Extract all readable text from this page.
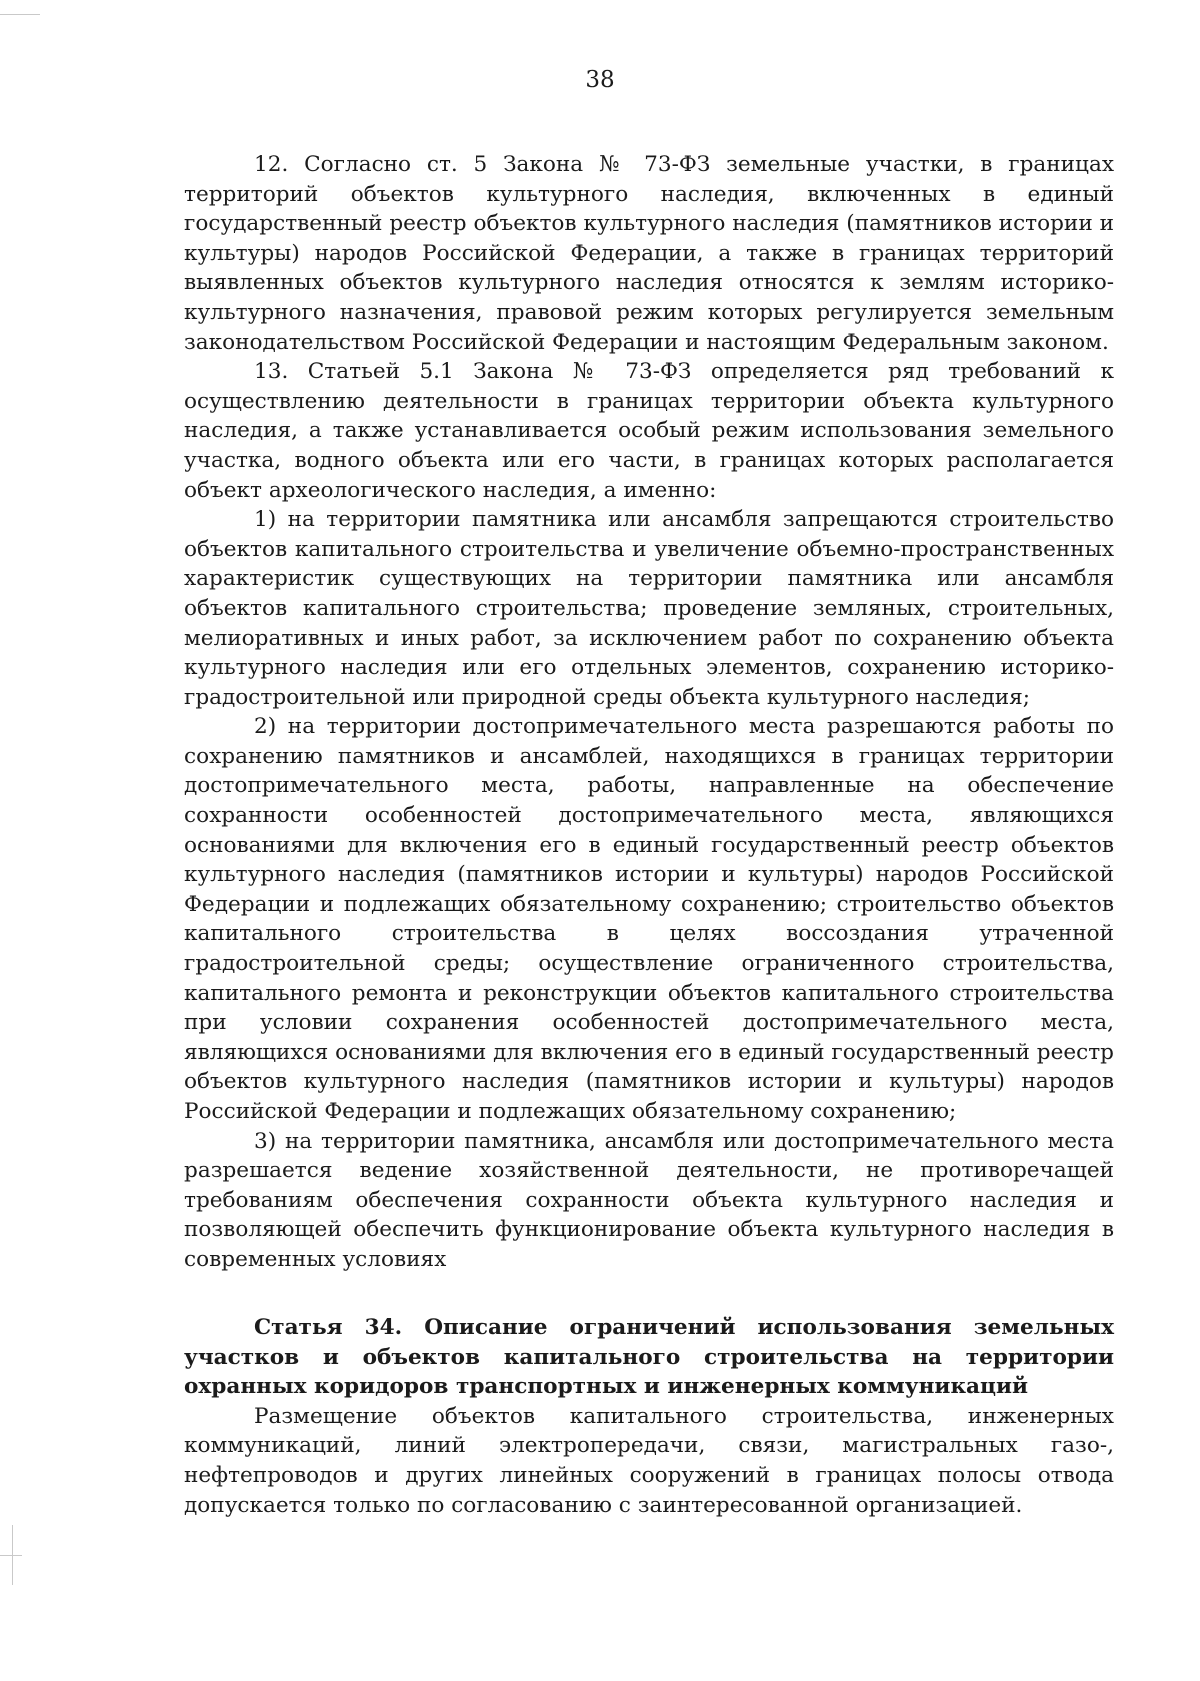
38

12. Согласно ст. 5 Закона № 73-ФЗ земельные участки, в границах территорий объектов культурного наследия, включенных в единый государственный реестр объектов культурного наследия (памятников истории и культуры) народов Российской Федерации, а также в границах территорий выявленных объектов культурного наследия относятся к землям историко-культурного назначения, правовой режим которых регулируется земельным законодательством Российской Федерации и настоящим Федеральным законом.

13. Статьей 5.1 Закона № 73-ФЗ определяется ряд требований к осуществлению деятельности в границах территории объекта культурного наследия, а также устанавливается особый режим использования земельного участка, водного объекта или его части, в границах которых располагается объект археологического наследия, а именно:

1) на территории памятника или ансамбля запрещаются строительство объектов капитального строительства и увеличение объемно-пространственных характеристик существующих на территории памятника или ансамбля объектов капитального строительства; проведение земляных, строительных, мелиоративных и иных работ, за исключением работ по сохранению объекта культурного наследия или его отдельных элементов, сохранению историко-градостроительной или природной среды объекта культурного наследия;

2) на территории достопримечательного места разрешаются работы по сохранению памятников и ансамблей, находящихся в границах территории достопримечательного места, работы, направленные на обеспечение сохранности особенностей достопримечательного места, являющихся основаниями для включения его в единый государственный реестр объектов культурного наследия (памятников истории и культуры) народов Российской Федерации и подлежащих обязательному сохранению; строительство объектов капитального строительства в целях воссоздания утраченной градостроительной среды; осуществление ограниченного строительства, капитального ремонта и реконструкции объектов капитального строительства при условии сохранения особенностей достопримечательного места, являющихся основаниями для включения его в единый государственный реестр объектов культурного наследия (памятников истории и культуры) народов Российской Федерации и подлежащих обязательному сохранению;

3) на территории памятника, ансамбля или достопримечательного места разрешается ведение хозяйственной деятельности, не противоречащей требованиям обеспечения сохранности объекта культурного наследия и позволяющей обеспечить функционирование объекта культурного наследия в современных условиях

Статья 34. Описание ограничений использования земельных участков и объектов капитального строительства на территории охранных коридоров транспортных и инженерных коммуникаций

Размещение объектов капитального строительства, инженерных коммуникаций, линий электропередачи, связи, магистральных газо-, нефтепроводов и других линейных сооружений в границах полосы отвода допускается только по согласованию с заинтересованной организацией.
